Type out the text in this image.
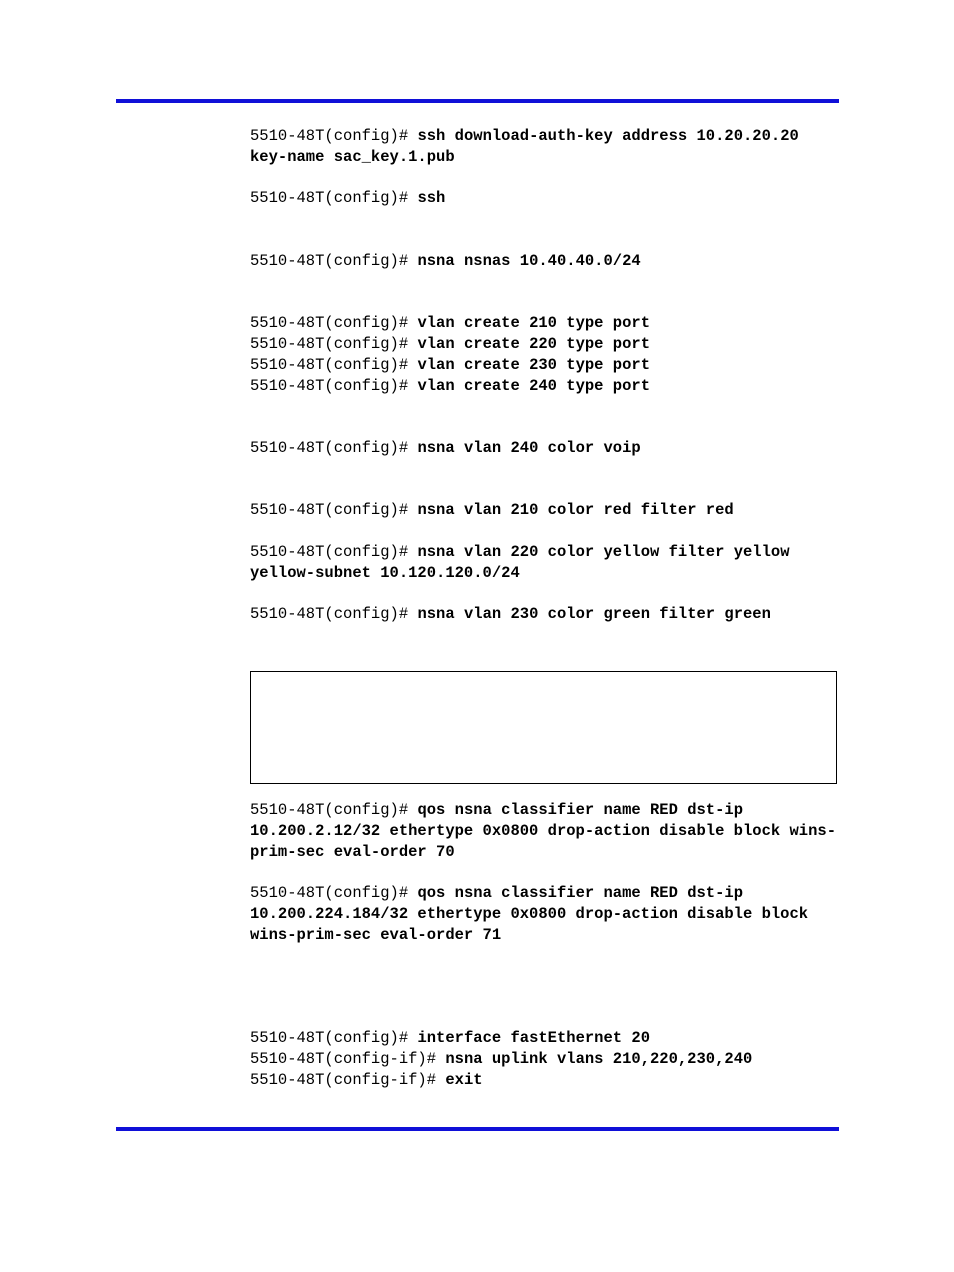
5510-48T(config)# ssh download-auth-key address 10.20.20.20 key-name sac_key.1.pub
5510-48T(config)# ssh
5510-48T(config)# nsna nsnas 10.40.40.0/24
5510-48T(config)# vlan create 210 type port
5510-48T(config)# vlan create 220 type port
5510-48T(config)# vlan create 230 type port
5510-48T(config)# vlan create 240 type port
5510-48T(config)# nsna vlan 240 color voip
5510-48T(config)# nsna vlan 210 color red filter red
5510-48T(config)# nsna vlan 220 color yellow filter yellow yellow-subnet 10.120.120.0/24
5510-48T(config)# nsna vlan 230 color green filter green
5510-48T(config)# qos nsna classifier name RED dst-ip 10.200.2.12/32 ethertype 0x0800 drop-action disable block wins-prim-sec eval-order 70
5510-48T(config)# qos nsna classifier name RED dst-ip 10.200.224.184/32 ethertype 0x0800 drop-action disable block wins-prim-sec eval-order 71
5510-48T(config)# interface fastEthernet 20
5510-48T(config-if)# nsna uplink vlans 210,220,230,240
5510-48T(config-if)# exit
